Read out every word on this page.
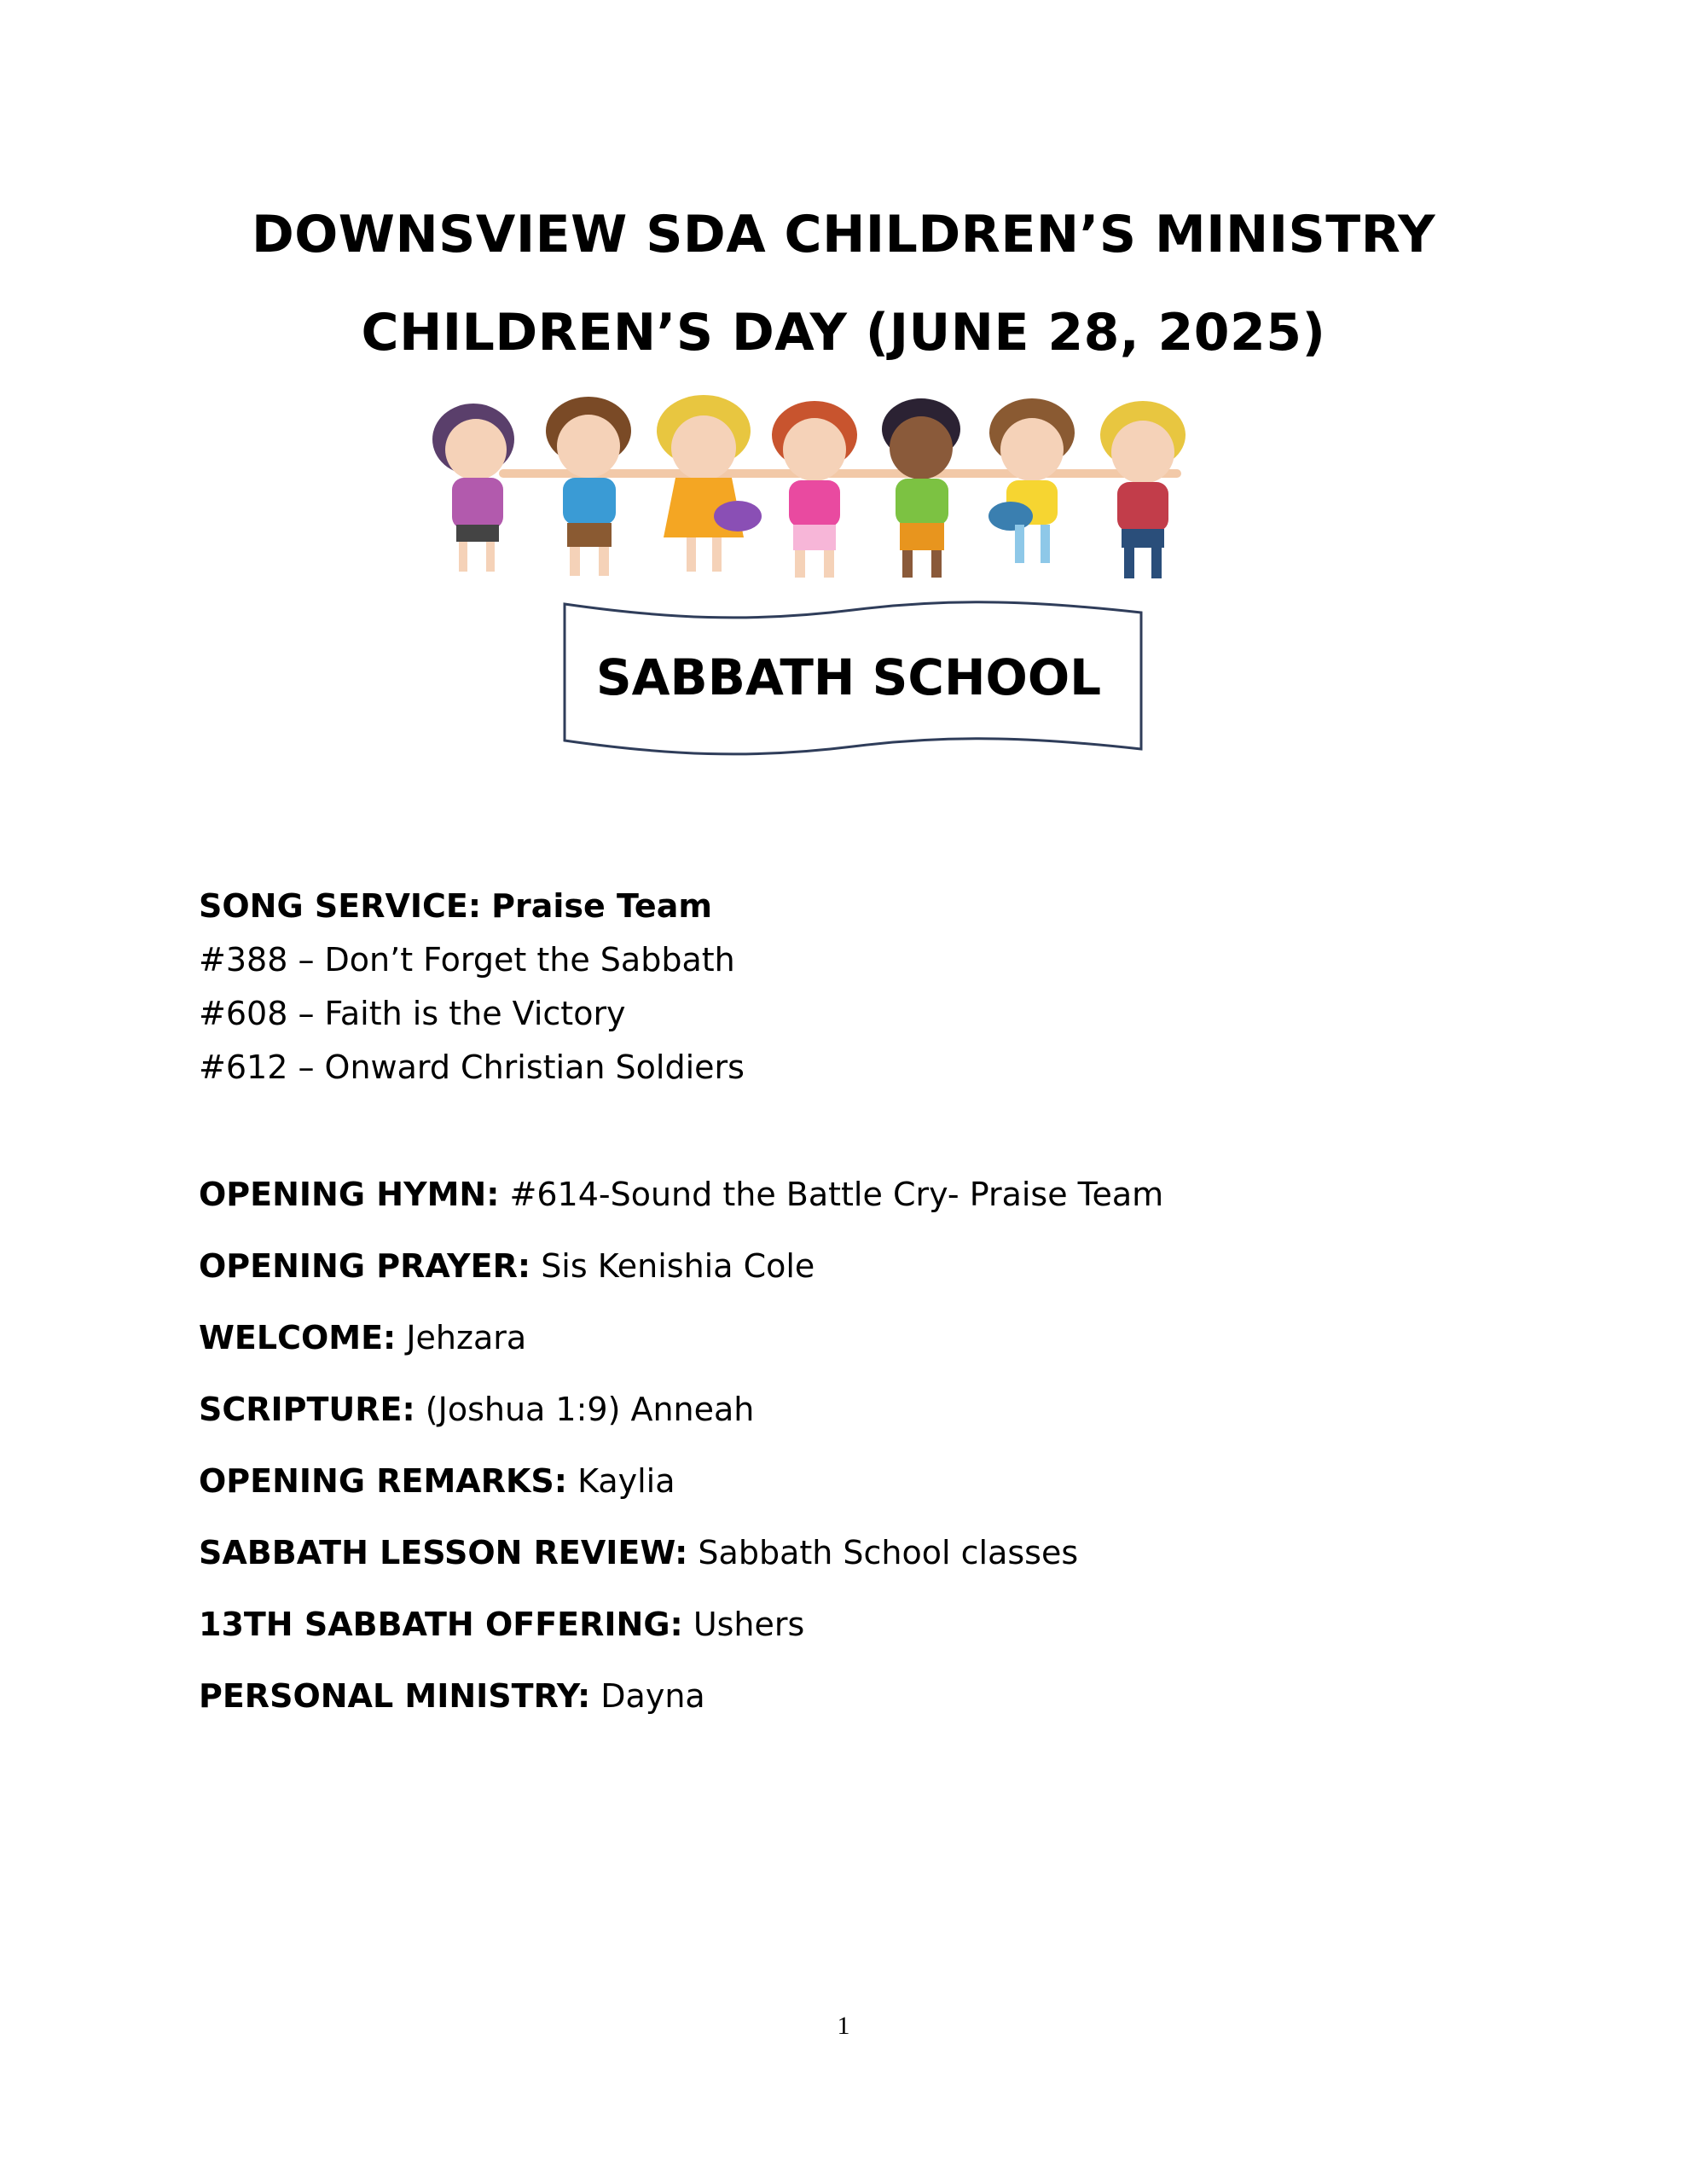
DOWNSVIEW SDA CHILDREN’S MINISTRY
CHILDREN’S DAY (JUNE 28, 2025)
SABBATH SCHOOL
SONG SERVICE: Praise Team
#388 – Don’t Forget the Sabbath
#608 – Faith is the Victory
#612 – Onward Christian Soldiers
OPENING HYMN: #614-Sound the Battle Cry- Praise Team
OPENING PRAYER: Sis Kenishia Cole
WELCOME: Jehzara
SCRIPTURE: (Joshua 1:9) Anneah
OPENING REMARKS: Kaylia
SABBATH LESSON REVIEW: Sabbath School classes
13TH SABBATH OFFERING: Ushers
PERSONAL MINISTRY: Dayna
1
